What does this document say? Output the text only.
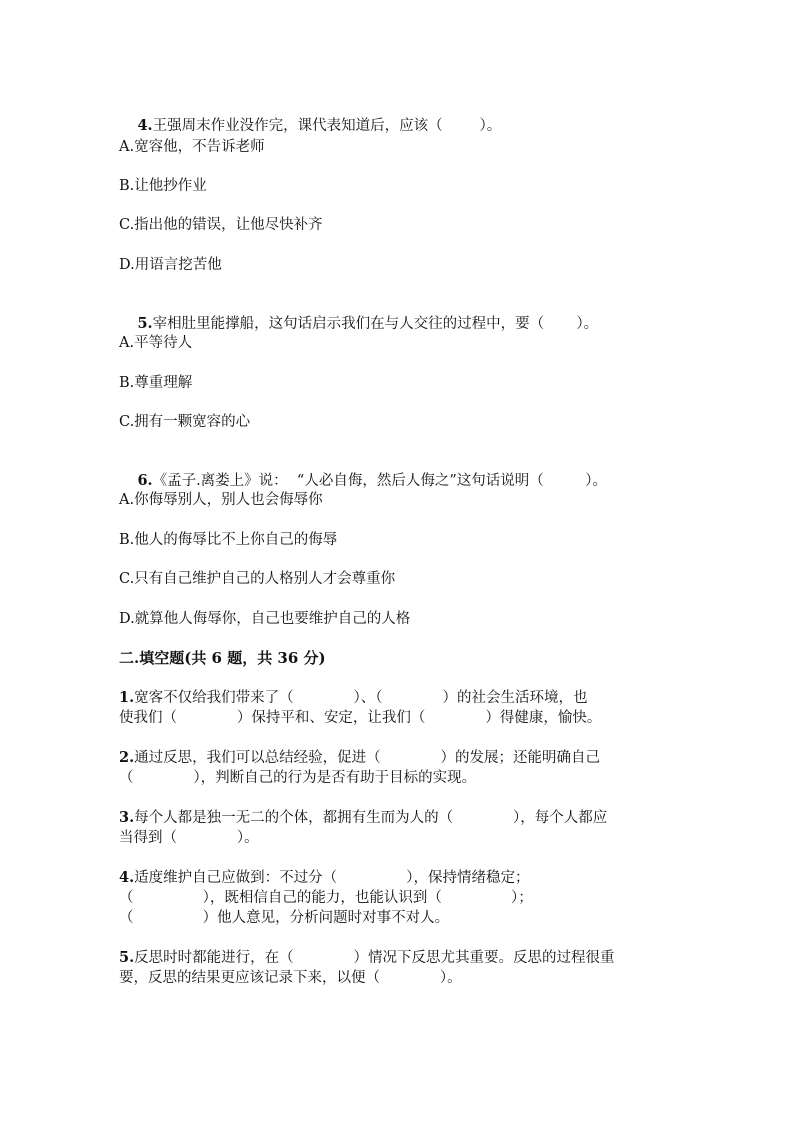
4.王强周末作业没作完，课代表知道后，应该（        ）。

A.宽容他，不告诉老师
B.让他抄作业
C.指出他的错误，让他尽快补齐
D.用语言挖苦他

5.宰相肚里能撑船，这句话启示我们在与人交往的过程中，要（       ）。

A.平等待人
B.尊重理解
C.拥有一颗宽容的心

6.《孟子.离娄上》说：  “人必自侮，然后人侮之”这句话说明（         ）。

A.你侮辱别人，别人也会侮辱你
B.他人的侮辱比不上你自己的侮辱
C.只有自己维护自己的人格别人才会尊重你
D.就算他人侮辱你，自己也要维护自己的人格
二.填空题(共 6 题，共 36 分)
1.宽客不仅给我们带来了（             ）、（             ）的社会生活环境，也
使我们（             ）保持平和、安定，让我们（             ）得健康，愉快。
2.通过反思，我们可以总结经验，促进（             ）的发展；还能明确自己
（             ），判断自己的行为是否有助于目标的实现。
3.每个人都是独一无二的个体，都拥有生而为人的（             ），每个人都应
当得到（             ）。
4.适度维护自己应做到：不过分（               ），保持情绪稳定；
（               ），既相信自己的能力，也能认识到（               ）；
（               ）他人意见，分析问题时对事不对人。
5.反思时时都能进行，在（             ）情况下反思尤其重要。反思的过程很重
要，反思的结果更应该记录下来，以便（             ）。
